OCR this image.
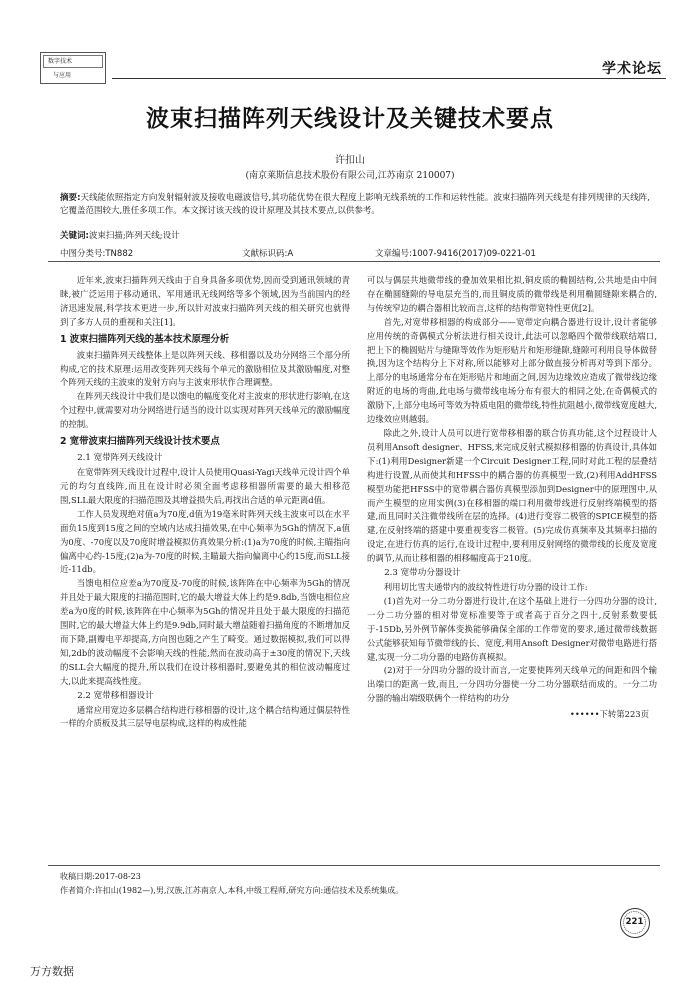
数字技术
与应用	学术论坛
波束扫描阵列天线设计及关键技术要点
许扣山
(南京莱斯信息技术股份有限公司,江苏南京 210007)
摘要:天线能依照指定方向发射辐射波及接收电磁波信号,其功能优势在很大程度上影响无线系统的工作和运转性能。波束扫描阵列天线是有排列规律的天线阵,它覆盖范围较大,胜任多项工作。本文探讨该天线的设计原理及其技术要点,以供参考。
关键词:波束扫描;阵列天线;设计
中图分类号:TN882	文献标识码:A	文章编号:1007-9416(2017)09-0221-01

近年来,波束扫描阵列天线由于自身具备多项优势,因而受到通讯领域的青睐,被广泛运用于移动通讯、军用通讯无线网络等多个领域,因为当前国内的经济迅速发展,科学技术更进一步,所以针对波束扫描阵列天线的相关研究也就得到了多方人员的重视和关注[1]。

1 波束扫描阵列天线的基本技术原理分析

波束扫描阵列天线整体上是以阵列天线、移相器以及功分网络三个部分所构成,它的技术原理:运用改变阵列天线每个单元的激励相位及其激励幅度,对整个阵列天线的主波束的发射方向与主波束形状作合理调整。

在阵列天线设计中我们是以馈电的幅度变化对主波束的形状进行影响,在这个过程中,就需要对功分网络进行适当的设计以实现对阵列天线单元的激励幅度的控制。

2 宽带波束扫描阵列天线设计技术要点
2.1 宽带阵列天线设计

在宽带阵列天线设计过程中,设计人员使用Quasi-Yagi天线单元设计四个单元的均匀直线阵,而且在设计时必须全面考虑移相器所需要的最大相移范围,SLL最大限度的扫描范围及其增益损失后,再找出合适的单元距离d值。

工作人员发现绝对值a为70度,d值为19毫米时阵列天线主波束可以在水平面负15度到15度之间的空域内达成扫描效果,在中心频率为5Gh的情况下,a值为0度、-70度以及70度时增益模拟仿真效果分析:(1)a为70度的时候,主瞄指向偏离中心约-15度;(2)a为-70度的时候,主瞄最大指向偏离中心约15度,而SLL接近-11db。

当馈电相位应差a为70度及-70度的时候,该阵阵在中心频率为5Gh的情况并且处于最大限度的扫描范围时,它的最大增益大体上约是9.8db,当馈电相位应差a为0度的时候,该阵阵在中心频率为5Gh的情况并且处于最大限度的扫描范围时,它的最大增益大体上约是9.9db,同时最大增益随着扫描角度的不断增加反而下降,副瓣电平却提高,方向图也随之产生了畸变。通过数据模拟,我们可以得知,2db的波动幅度不会影响天线的性能,然而在波动高于±30度的情况下,天线的SLL会大幅度的提升,所以我们在设计移相器时,要避免其的相位波动幅度过大,以此来提高线性度。

2.2 宽带移相器设计

通常应用宽边多层耦合结构进行移相器的设计,这个耦合结构通过偶层特性一样的介质板及其三层导电层构成,这样的构成性能

可以与偶层共地微带线的叠加效果相比拟,铜皮质的椭圆结构,公共地是由中间存在椭圆缝隙的导电层充当的,而且铜皮质的微带线是利用椭圆缝隙来耦合的,与传统窄边的耦合器相比较而言,这样的结构带宽特性更优[2]。

首先,对宽带移相器的构成部分——宽带定向耦合器进行设计,设计者能够应用传统的奇偶模式分析法进行相关设计,此法可以忽略四个微带线联结端口,把上下的椭圆贴片与缝隙等效作为矩形贴片和矩形缝隙,缝隙可利用良导体做替换,因为这个结构分上下对称,所以能够对上部分做直接分析再对等到下部分。上部分的电场通常分布在矩形贴片和地面之间,因为边缘效应造成了微带线边缘附近的电场的弯曲,此电场与微带线电场分布有很大的相同之处,在奇偶模式的激励下,上部分电场可等效为特质电阻的微带线,特性抗阻越小,微带线宽度越大,边缘效应则越弱。

除此之外,设计人员可以进行宽带移相器的联合仿真功能,这个过程设计人员利用Ansoft designer、HFSS,来完成反射式模拟移相器的仿真设计,具体如下:(1)利用Designer新建一个Circuit Designer工程,同时对此工程的层叠结构进行设置,从而使其和HFSS中的耦合器的仿真模型一致,(2)利用AddHFSS模型功能把HFSS中的宽带耦合器仿真模型添加到Designer中的原理图中,从而产生模型的应用实例(3)在移相器的端口利用微带线进行反射终端模型的搭建,而且同时关注微带线所在层的选择。(4)进行变容二极管的SPICE模型的搭建,在反射终端的搭建中要重视变容二极管。(5)完成仿真频率及其频率扫描的设定,在进行仿真的运行,在设计过程中,要利用反射网络的微带线的长度及宽度的调节,从而让移相器的相移幅度高于210度。

2.3 宽带功分器设计

利用切比雪夫通带内的波纹特性进行功分器的设计工作:

(1)首先对一分二功分器进行设计,在这个基础上进行一分四功分器的设计,一分二功分器的相对带宽标准要等于或者高于百分之四十,反射系数要低于-15Db,另外例节解体变换能够确保全部的工作带宽的要求,通过微带线数据公式能够获知每节微带线的长、宽度,利用Ansoft Designer对微带电路进行搭建,实现一分二功分器的电路仿真模拟。

(2)对于一分四功分器的设计而言,一定要使阵列天线单元的间距和四个输出端口的距离一致,而且,一分四功分器使一分二功分器联结而成的。一分二功分器的输出端级联俩个一样结构的功分

••••••下转第223页
收稿日期:2017-08-23
作者简介:许扣山(1982—),男,汉族,江苏南京人,本科,中级工程师,研究方向:通信技术及系统集成。
221
万方数据
